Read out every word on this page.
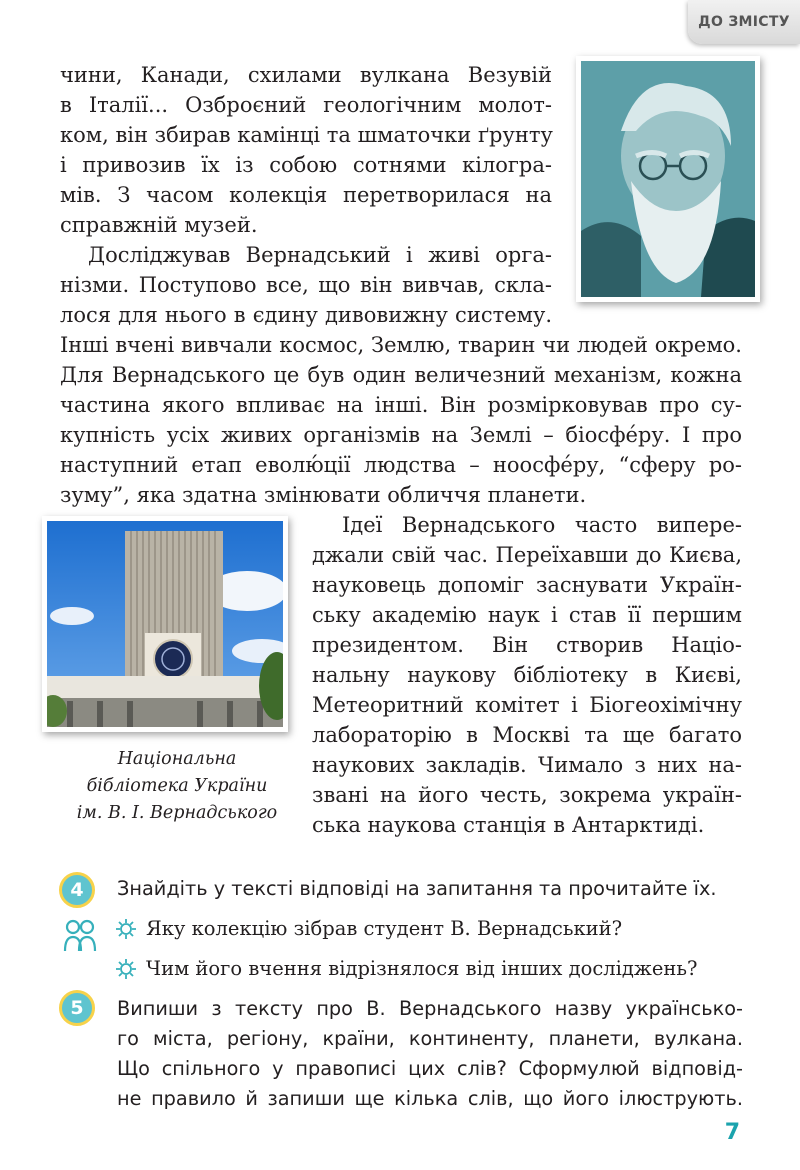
ДО ЗМІСТУ

чини, Канади, схилами вулкана Везувій

в Італії... Озброєний геологічним молот-

ком, він збирав камінці та шматочки ґрунту

і привозив їх із собою сотнями кілогра-

мів. З часом колекція перетворилася на

справжній музей.

Досліджував Вернадський і живі орга-

нізми. Поступово все, що він вивчав, скла-

лося для нього в єдину дивовижну систему.

Інші вчені вивчали космос, Землю, тварин чи людей окремо.

Для Вернадського це був один величезний механізм, кожна

частина якого впливає на інші. Він розмірковував про су-

купність усіх живих організмів на Землі – біосфе́ру. І про

наступний етап еволю́ції людства – ноосфе́ру, “сферу ро-

зуму”, яка здатна змінювати обличчя планети.

Національна

бібліотека України

ім. В. І. Вернадського

Ідеї Вернадського часто випере-

джали свій час. Переїхавши до Києва,

науковець допоміг заснувати Україн-

ську академію наук і став її першим

президентом. Він створив Націо-

нальну наукову бібліотеку в Києві,

Метеоритний комітет і Біогеохімічну

лабораторію в Москві та ще багато

наукових закладів. Чимало з них на-

звані на його честь, зокрема україн-

ська наукова станція в Антарктиді.

4	Знайдіть у тексті відповіді на запитання та прочитайте їх.

Яку колекцію зібрав студент В. Вернадський?

Чим його вчення відрізнялося від інших досліджень?

5	Випиши з тексту про В. Вернадського назву українсько-

го міста, регіону, країни, континенту, планети, вулкана.

Що спільного у правописі цих слів? Сформулюй відповід-

не правило й запиши ще кілька слів, що його ілюструють.

7
